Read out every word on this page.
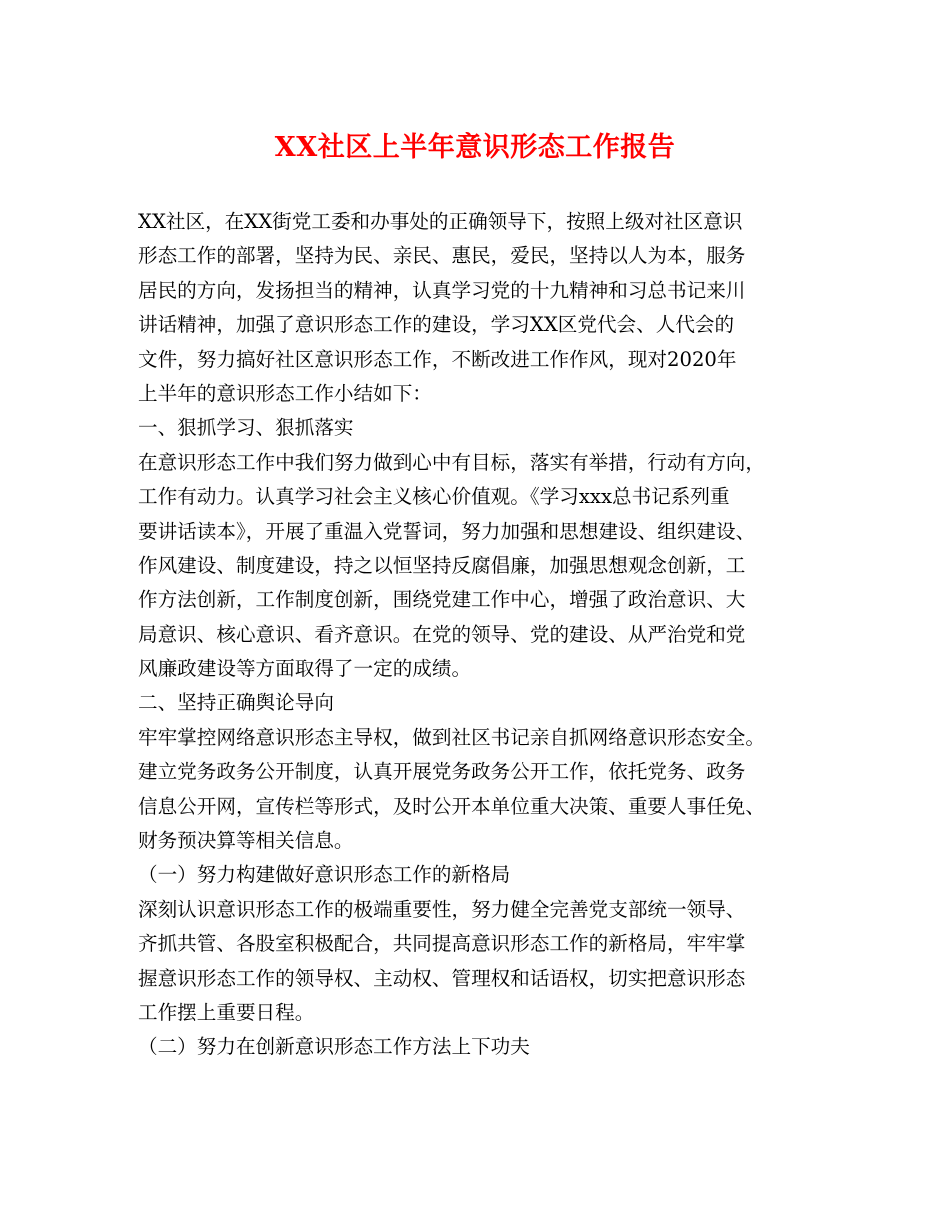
XX社区上半年意识形态工作报告
XX社区，在XX街党工委和办事处的正确领导下，按照上级对社区意识
形态工作的部署，坚持为民、亲民、惠民，爱民，坚持以人为本，服务
居民的方向，发扬担当的精神，认真学习党的十九精神和习总书记来川
讲话精神，加强了意识形态工作的建设，学习XX区党代会、人代会的
文件，努力搞好社区意识形态工作，不断改进工作作风，现对2020年
上半年的意识形态工作小结如下：
一、狠抓学习、狠抓落实
在意识形态工作中我们努力做到心中有目标，落实有举措，行动有方向，
工作有动力。认真学习社会主义核心价值观。《学习xxx总书记系列重
要讲话读本》，开展了重温入党誓词，努力加强和思想建设、组织建设、
作风建设、制度建设，持之以恒坚持反腐倡廉，加强思想观念创新，工
作方法创新，工作制度创新，围绕党建工作中心，增强了政治意识、大
局意识、核心意识、看齐意识。在党的领导、党的建设、从严治党和党
风廉政建设等方面取得了一定的成绩。
二、坚持正确舆论导向
牢牢掌控网络意识形态主导权，做到社区书记亲自抓网络意识形态安全。
建立党务政务公开制度，认真开展党务政务公开工作，依托党务、政务
信息公开网，宣传栏等形式，及时公开本单位重大决策、重要人事任免、
财务预决算等相关信息。
（一）努力构建做好意识形态工作的新格局
深刻认识意识形态工作的极端重要性，努力健全完善党支部统一领导、
齐抓共管、各股室积极配合，共同提高意识形态工作的新格局，牢牢掌
握意识形态工作的领导权、主动权、管理权和话语权，切实把意识形态
工作摆上重要日程。
（二）努力在创新意识形态工作方法上下功夫
